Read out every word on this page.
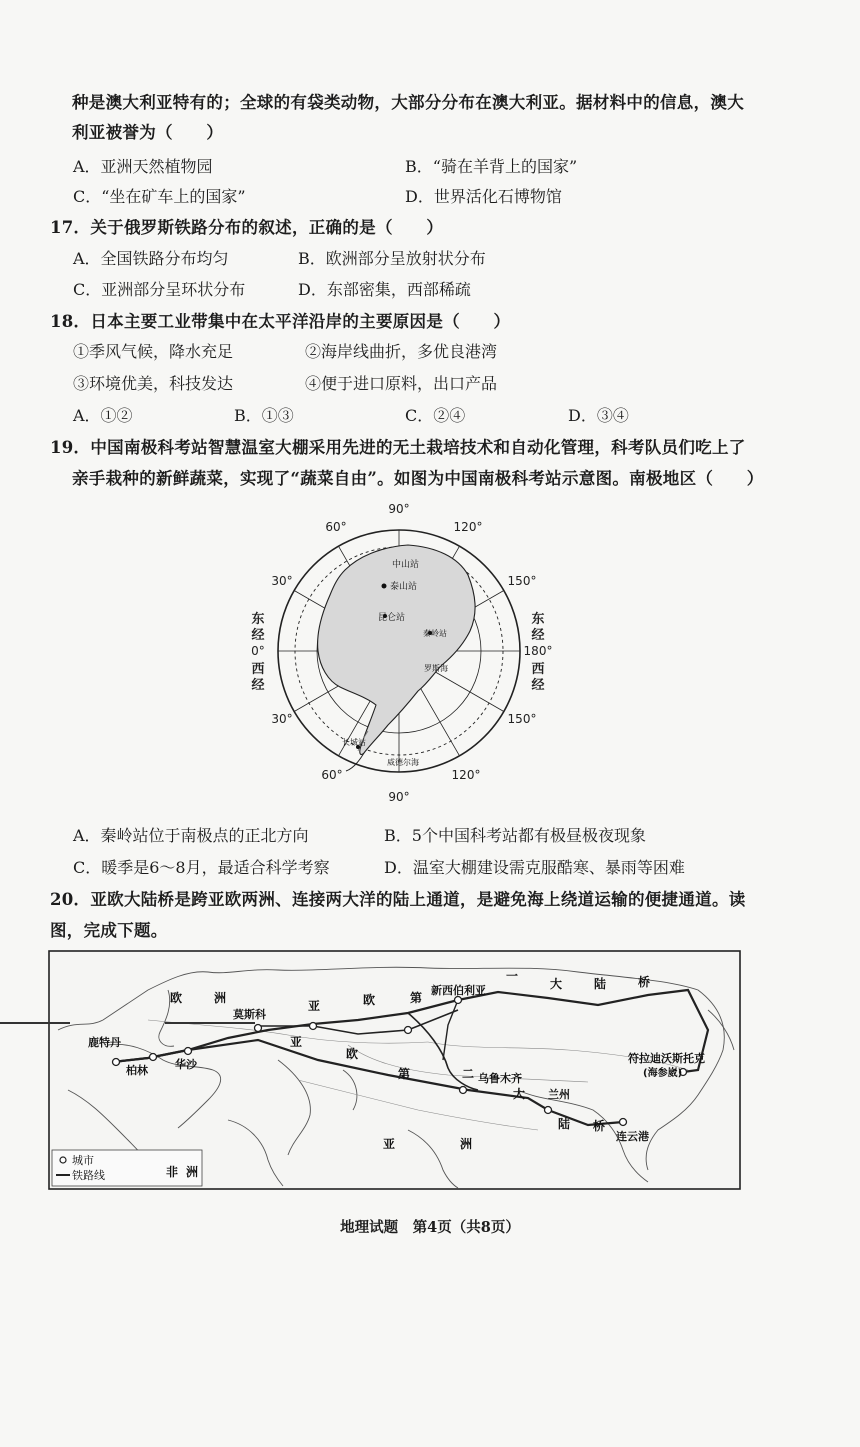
种是澳大利亚特有的；全球的有袋类动物，大部分分布在澳大利亚。据材料中的信息，澳大
利亚被誉为（　　）
A．亚洲天然植物园	B．“骑在羊背上的国家”
C．“坐在矿车上的国家”	D．世界活化石博物馆
17．关于俄罗斯铁路分布的叙述，正确的是（　　）
A．全国铁路分布均匀	B．欧洲部分呈放射状分布
C．亚洲部分呈环状分布	D．东部密集，西部稀疏
18．日本主要工业带集中在太平洋沿岸的主要原因是（　　）
①季风气候，降水充足	②海岸线曲折，多优良港湾
③环境优美，科技发达	④便于进口原料，出口产品
A．①②	B．①③	C．②④	D．③④
19．中国南极科考站智慧温室大棚采用先进的无土栽培技术和自动化管理，科考队员们吃上了
亲手栽种的新鲜蔬菜，实现了“蔬菜自由”。如图为中国南极科考站示意图。南极地区（　　）
90°
90°
60°	120°
30°	150°
0°	180°
30°	150°
60°	120°
东
经
西
经
东
经
西
经
中山站
泰山站
昆仑站
秦岭站
罗斯海
长城站
威德尔海
A．秦岭站位于南极点的正北方向	B．5个中国科考站都有极昼极夜现象
C．暖季是6～8月，最适合科学考察	D．温室大棚建设需克服酷寒、暴雨等困难
20．亚欧大陆桥是跨亚欧两洲、连接两大洋的陆上通道，是避免海上绕道运输的便捷通道。读
图，完成下题。
欧	洲
莫斯科
鹿特丹
柏林 华沙
新西伯利亚
乌鲁木齐
兰州
连云港
符拉迪沃斯托克
(海参崴)
亚	欧	第
一
大	陆	桥
亚
欧
第	二
大
陆 桥
亚	洲
城市
铁路线	非 洲
地理试题　第4页（共8页）
